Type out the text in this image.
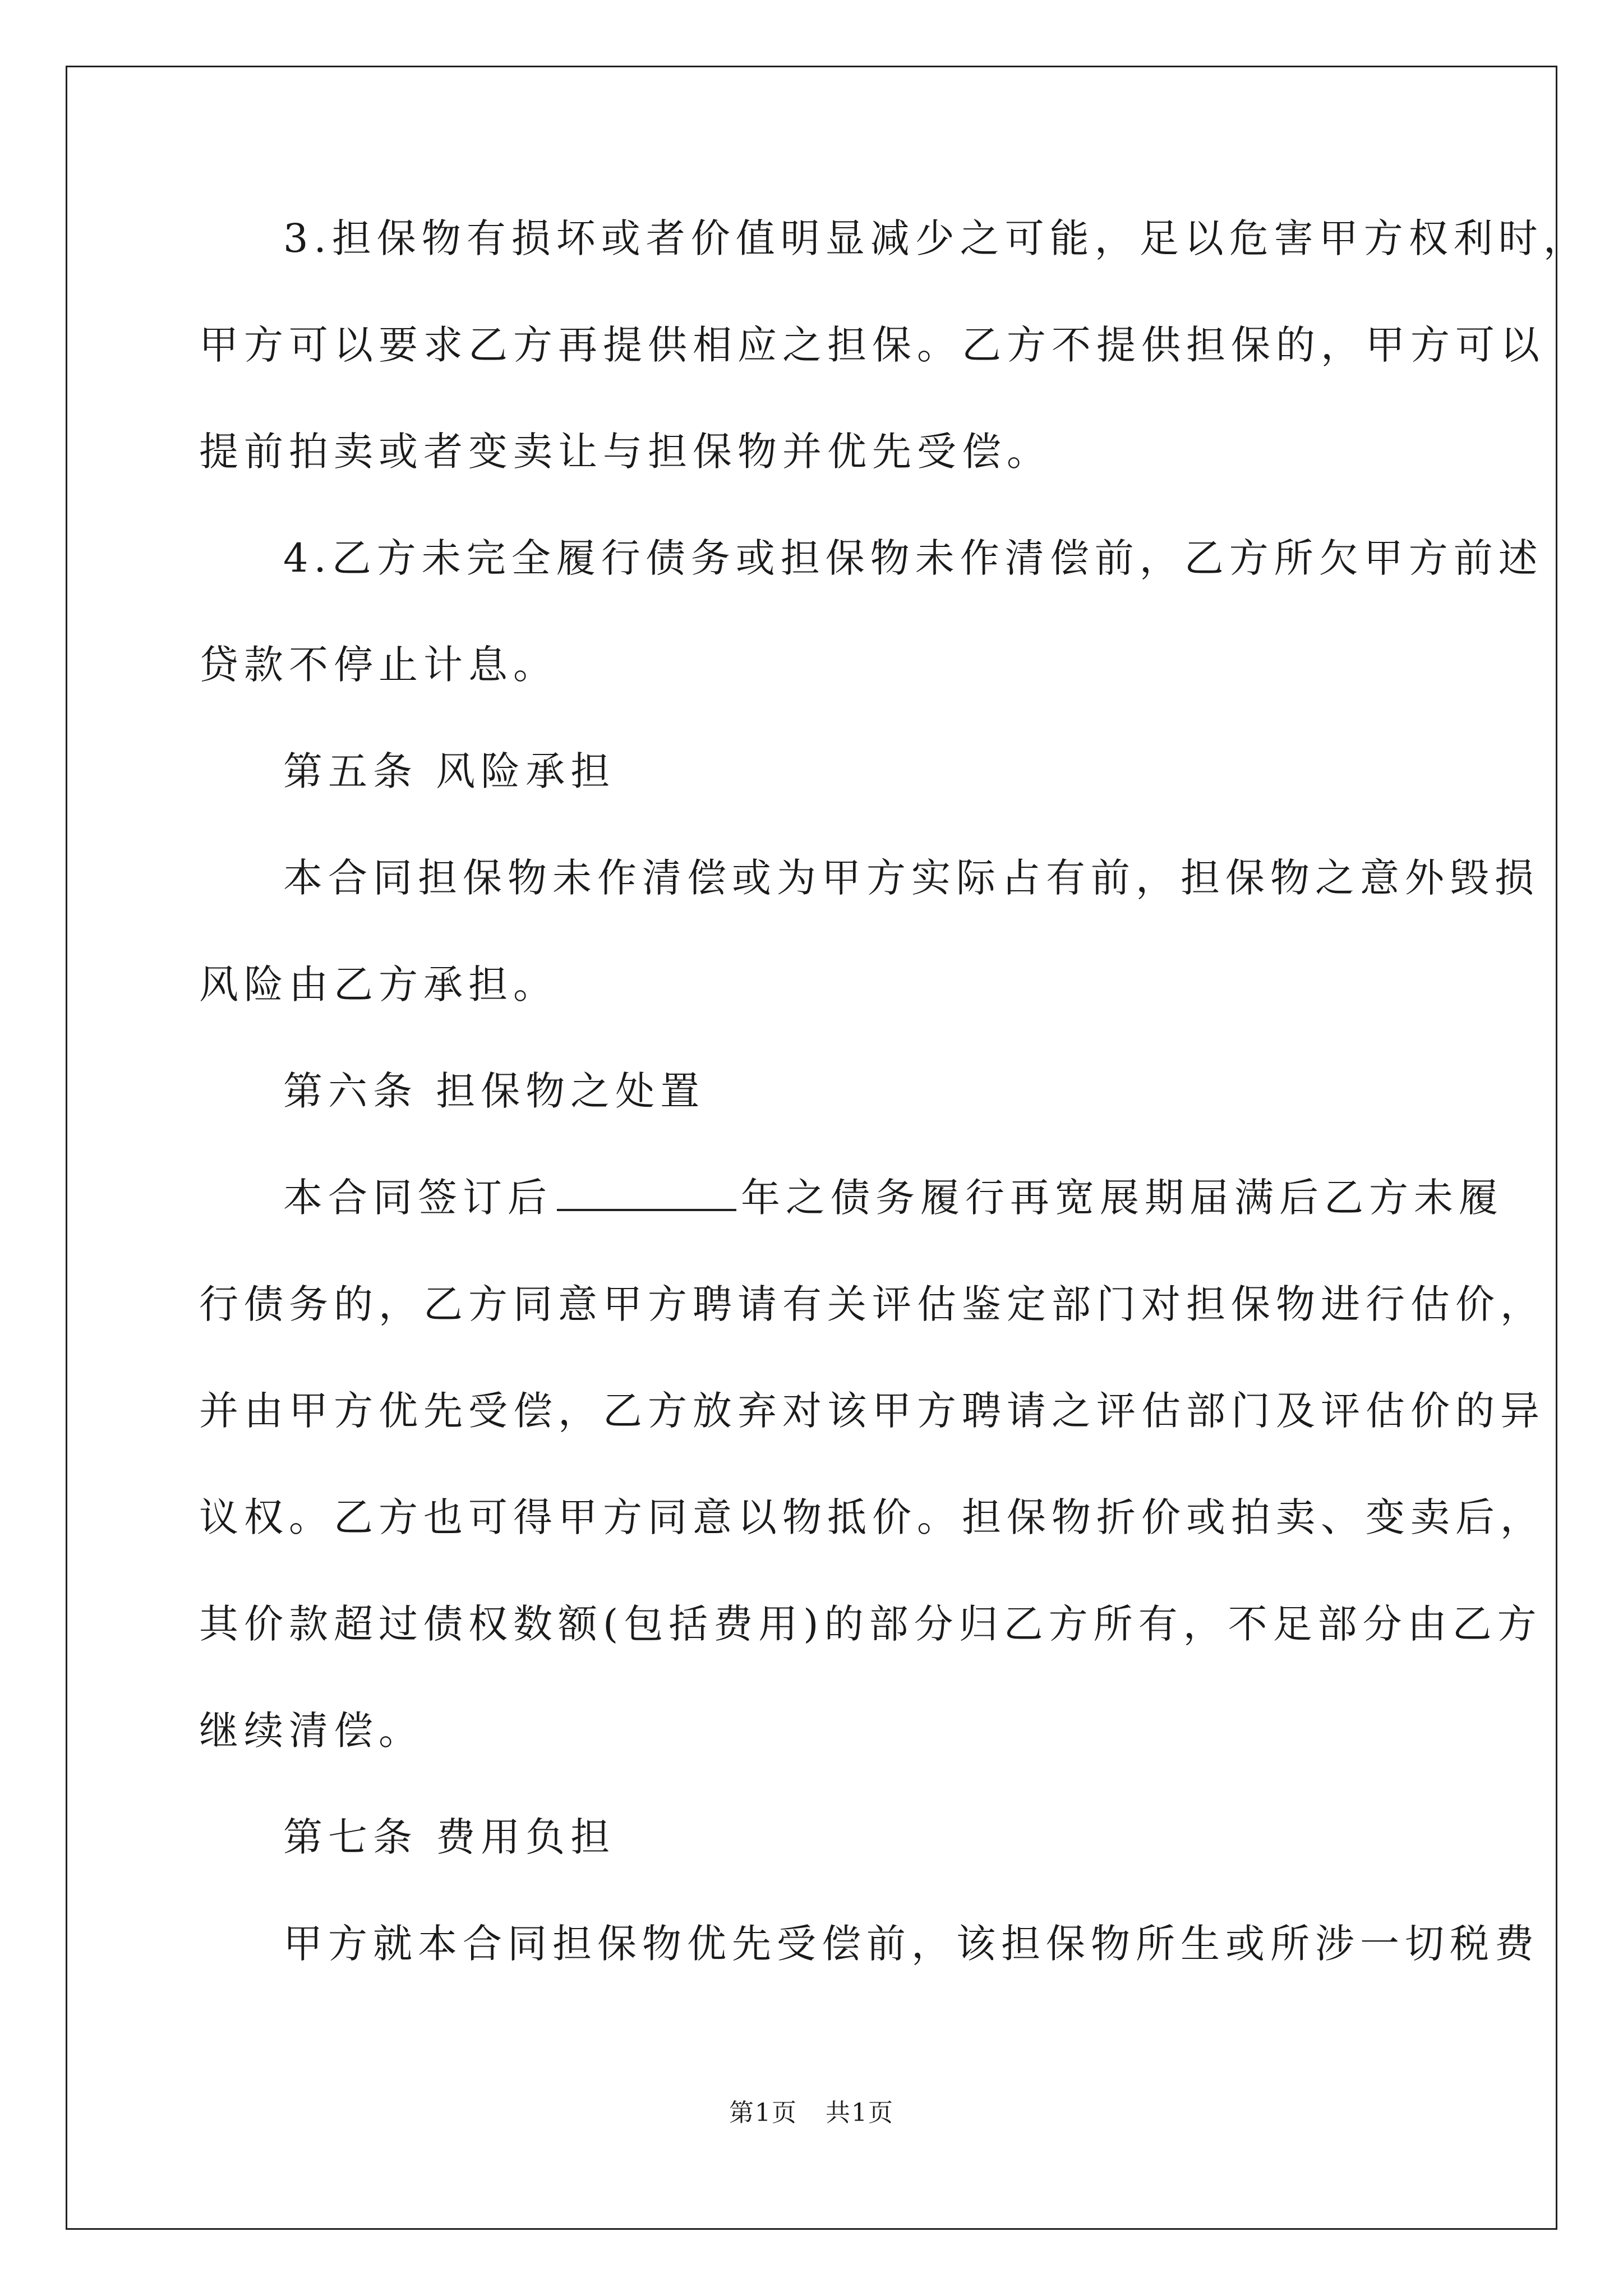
3.担保物有损坏或者价值明显减少之可能，足以危害甲方权利时，
甲方可以要求乙方再提供相应之担保。乙方不提供担保的，甲方可以
提前拍卖或者变卖让与担保物并优先受偿。
4.乙方未完全履行债务或担保物未作清偿前，乙方所欠甲方前述
贷款不停止计息。
第五条 风险承担
本合同担保物未作清偿或为甲方实际占有前，担保物之意外毁损
风险由乙方承担。
第六条 担保物之处置
本合同签订后	年之债务履行再宽展期届满后乙方未履
行债务的，乙方同意甲方聘请有关评估鉴定部门对担保物进行估价，
并由甲方优先受偿，乙方放弃对该甲方聘请之评估部门及评估价的异
议权。乙方也可得甲方同意以物抵价。担保物折价或拍卖、变卖后，
其价款超过债权数额(包括费用)的部分归乙方所有，不足部分由乙方
继续清偿。
第七条 费用负担
甲方就本合同担保物优先受偿前，该担保物所生或所涉一切税费
第1页 共1页
